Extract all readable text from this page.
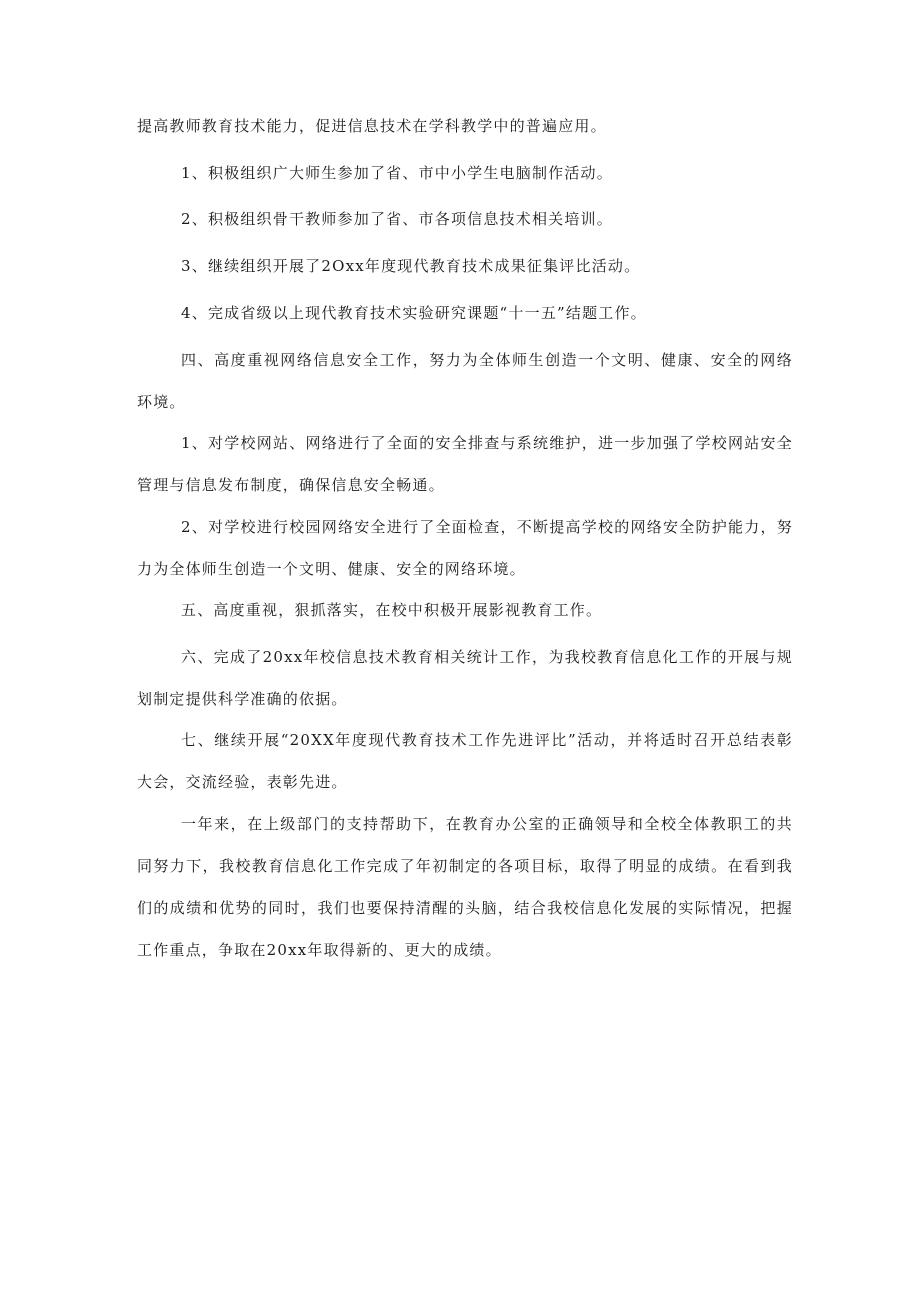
提高教师教育技术能力，促进信息技术在学科教学中的普遍应用。

1、积极组织广大师生参加了省、市中小学生电脑制作活动。

2、积极组织骨干教师参加了省、市各项信息技术相关培训。

3、继续组织开展了2Oxx年度现代教育技术成果征集评比活动。

4、完成省级以上现代教育技术实验研究课题“十一五”结题工作。

四、高度重视网络信息安全工作，努力为全体师生创造一个文明、健康、安全的网络环境。

1、对学校网站、网络进行了全面的安全排查与系统维护，进一步加强了学校网站安全管理与信息发布制度，确保信息安全畅通。

2、对学校进行校园网络安全进行了全面检查，不断提高学校的网络安全防护能力，努力为全体师生创造一个文明、健康、安全的网络环境。

五、高度重视，狠抓落实，在校中积极开展影视教育工作。

六、完成了20xx年校信息技术教育相关统计工作，为我校教育信息化工作的开展与规划制定提供科学准确的依据。

七、继续开展“20XX年度现代教育技术工作先进评比”活动，并将适时召开总结表彰大会，交流经验，表彰先进。

一年来，在上级部门的支持帮助下，在教育办公室的正确领导和全校全体教职工的共同努力下，我校教育信息化工作完成了年初制定的各项目标，取得了明显的成绩。在看到我们的成绩和优势的同时，我们也要保持清醒的头脑，结合我校信息化发展的实际情况，把握工作重点，争取在20xx年取得新的、更大的成绩。
